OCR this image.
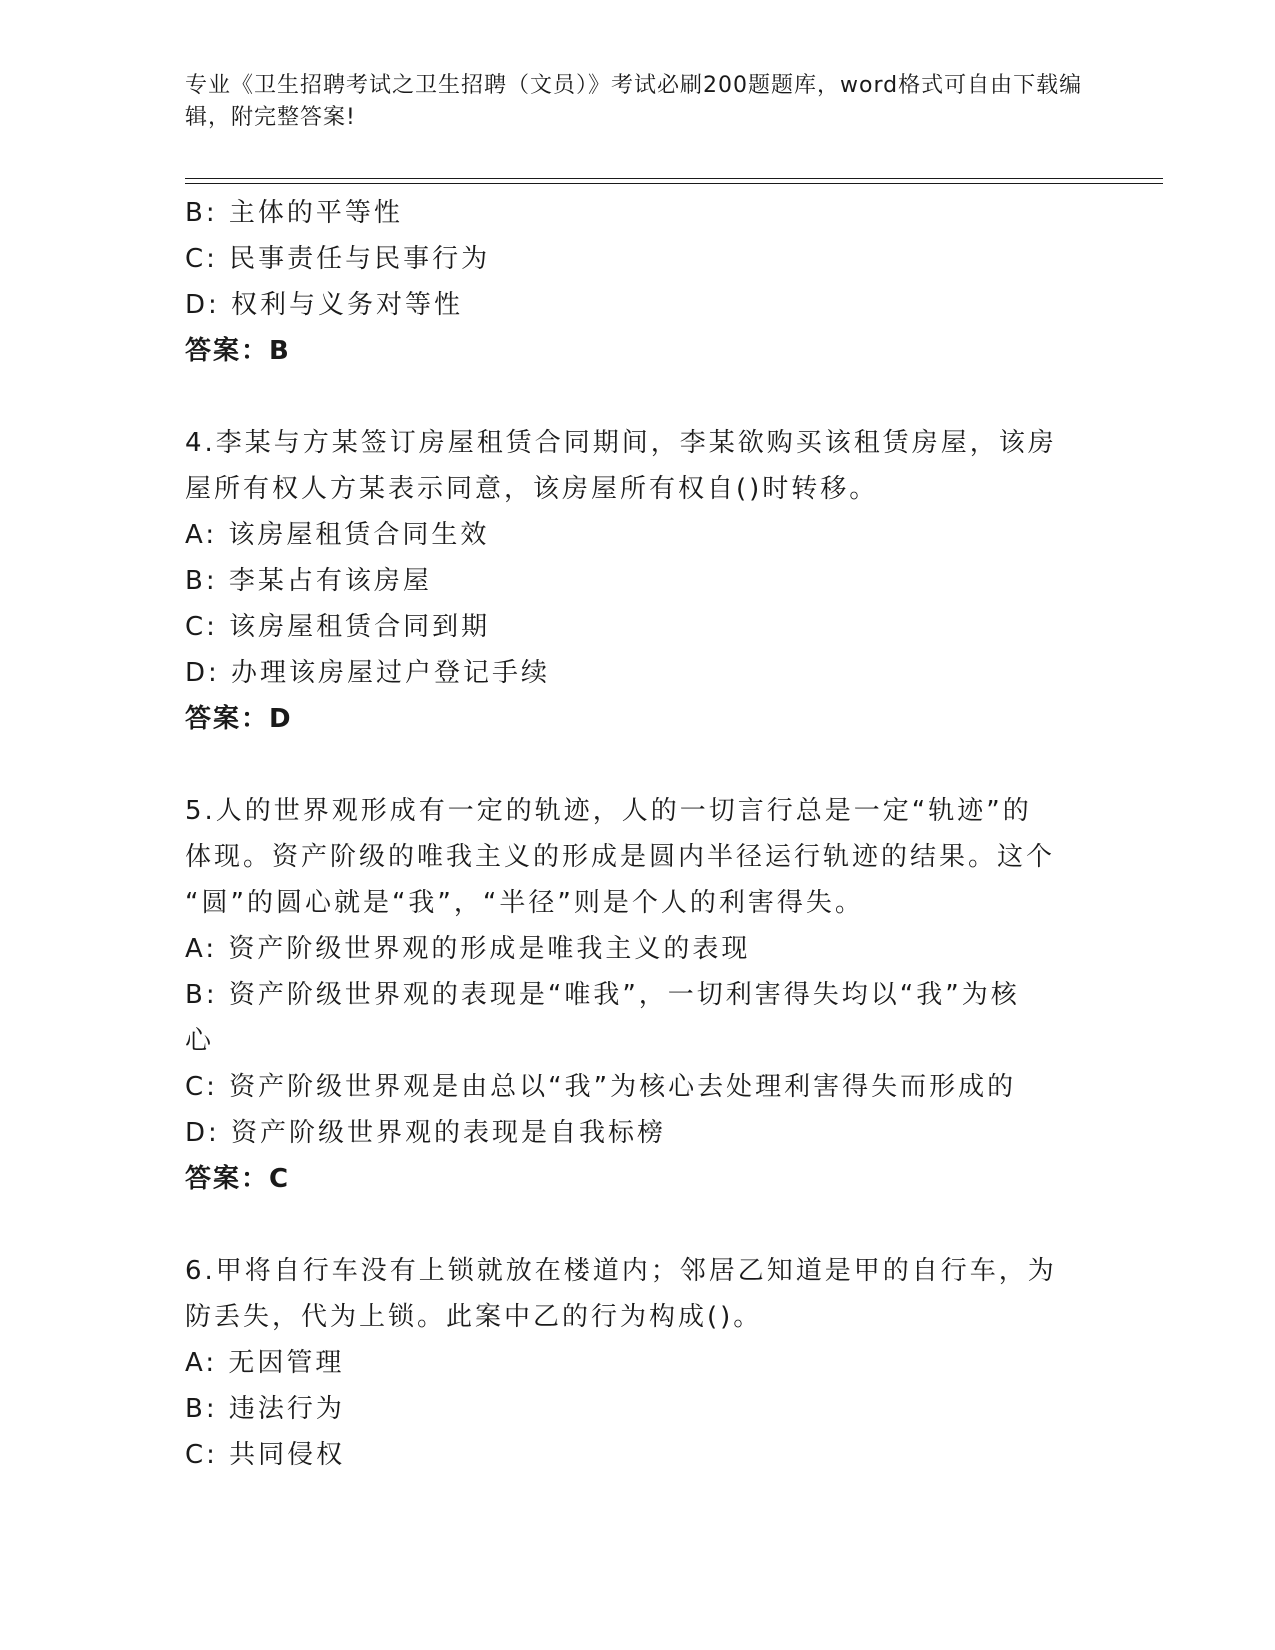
专业《卫生招聘考试之卫生招聘（文员）》考试必刷200题题库，word格式可自由下载编辑，附完整答案!
B: 主体的平等性
C: 民事责任与民事行为
D: 权利与义务对等性
答案：B
4.李某与方某签订房屋租赁合同期间，李某欲购买该租赁房屋，该房
屋所有权人方某表示同意，该房屋所有权自()时转移。
A: 该房屋租赁合同生效
B: 李某占有该房屋
C: 该房屋租赁合同到期
D: 办理该房屋过户登记手续
答案：D
5.人的世界观形成有一定的轨迹，人的一切言行总是一定“轨迹”的
体现。资产阶级的唯我主义的形成是圆内半径运行轨迹的结果。这个
“圆”的圆心就是“我”，“半径”则是个人的利害得失。
A: 资产阶级世界观的形成是唯我主义的表现
B: 资产阶级世界观的表现是“唯我”，一切利害得失均以“我”为核
心
C: 资产阶级世界观是由总以“我”为核心去处理利害得失而形成的
D: 资产阶级世界观的表现是自我标榜
答案：C
6.甲将自行车没有上锁就放在楼道内；邻居乙知道是甲的自行车，为
防丢失，代为上锁。此案中乙的行为构成()。
A: 无因管理
B: 违法行为
C: 共同侵权
